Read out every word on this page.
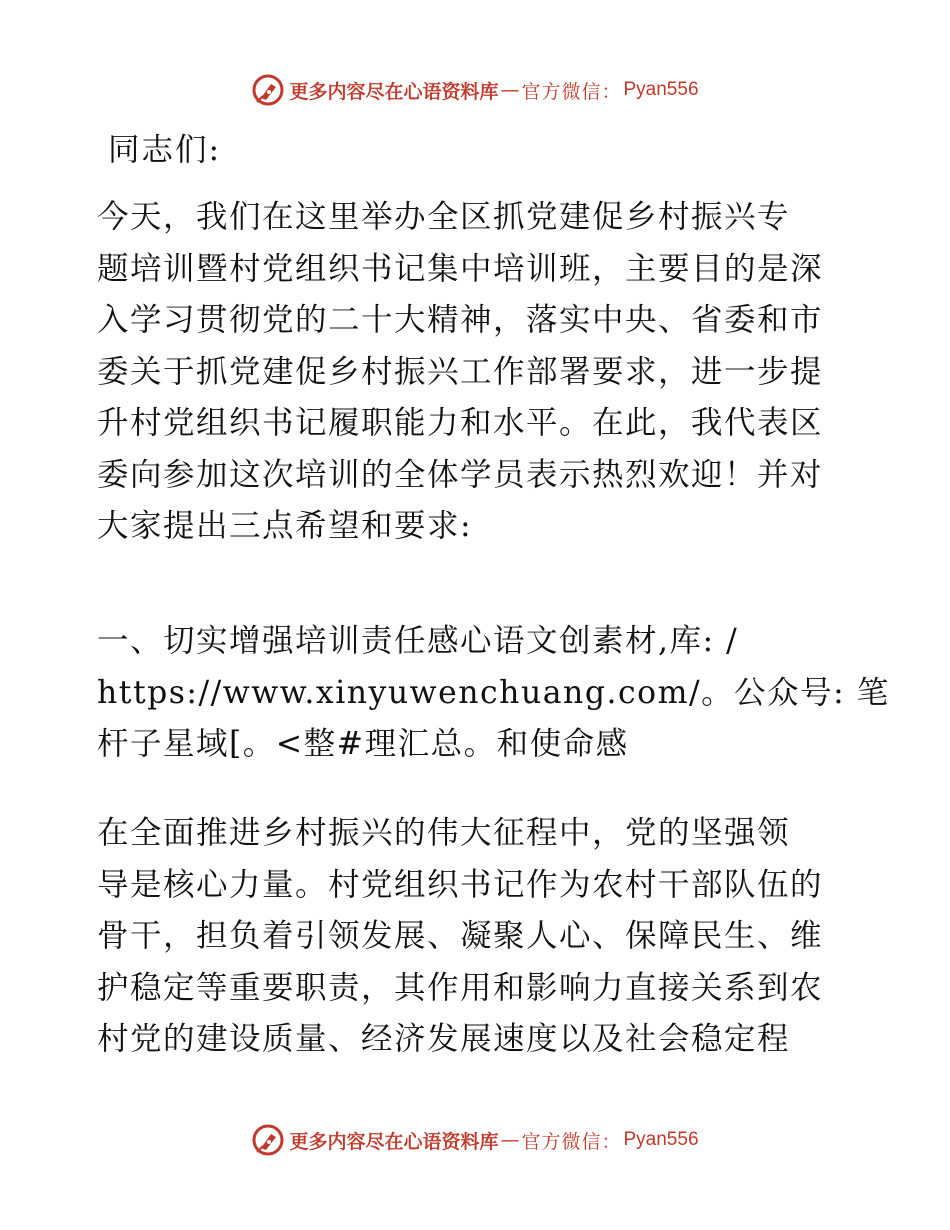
更多内容尽在心语资料库 — 官方微信： Pyan556

同志们:

今天，我们在这里举办全区抓党建促乡村振兴专
题培训暨村党组织书记集中培训班，主要目的是深
入学习贯彻党的二十大精神，落实中央、省委和市
委关于抓党建促乡村振兴工作部署要求，进一步提
升村党组织书记履职能力和水平。在此，我代表区
委向参加这次培训的全体学员表示热烈欢迎！并对
大家提出三点希望和要求:
一、切实增强培训责任感心语文创素材,库: /
https://www.xinyuwenchuang.com/。公众号: 笔
杆子星域[。<整#理汇总。和使命感
在全面推进乡村振兴的伟大征程中，党的坚强领
导是核心力量。村党组织书记作为农村干部队伍的
骨干，担负着引领发展、凝聚人心、保障民生、维
护稳定等重要职责，其作用和影响力直接关系到农
村党的建设质量、经济发展速度以及社会稳定程
更多内容尽在心语资料库 — 官方微信： Pyan556
